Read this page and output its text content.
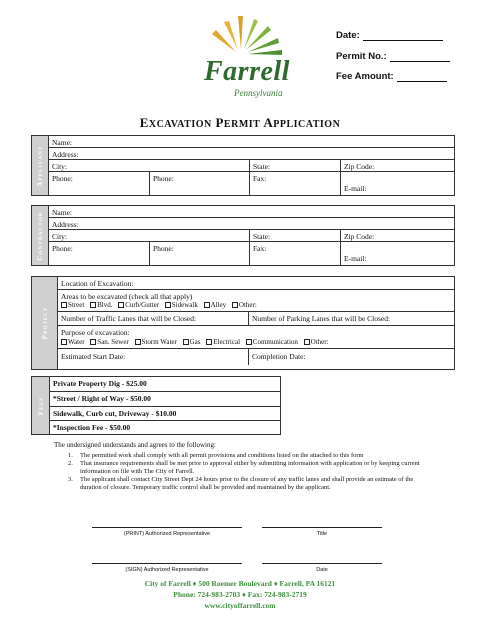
Farrell
Pennsylvania
Date:
Permit No.:
Fee Amount:
EXCAVATION PERMIT APPLICATION
Applicant
Name:
Address:
City:	State:	Zip Code:
Phone:	Phone:	Fax:
E-mail:
Contractor Name:
Address:
City:	State:	Zip Code:
Phone:	Phone:	Fax:
E-mail:
Project
Location of Excavation:
Areas to be excavated (check all that apply)
Street Blvd. Curb/Gutter Sidewalk Alley Other:
Number of Traffic Lanes that will be Closed:	Number of Parking Lanes that will be Closed:
Purpose of excavation:
Water San. Sewer Storm Water Gas Electrical Communication Other:
Estimated Start Date:	Completion Date:
Fees
Private Property Dig - $25.00
*Street / Right of Way - $50.00
Sidewalk, Curb cut, Driveway - $10.00
*Inspection Fee - $50.00
The undersigned understands and agrees to the following:
1. The permitted work shall comply with all permit provisions and conditions listed on the attached to this form
2. That insurance requirements shall be met prior to approval either by submitting information with application or by keeping current information on file with The City of Farrell.
3. The applicant shall contact City Street Dept 24 hours prior to the closure of any traffic lanes and shall provide an estimate of the duration of closure. Temporary traffic control shall be provided and maintained by the applicant.
(PRINT) Authorized Representative	Title
(SIGN) Authorized Representative	Date
City of Farrell ♦ 500 Roemer Boulevard ♦ Farrell, PA 16121
Phone: 724-983-2703 ♦ Fax: 724-983-2719
www.cityoffarrell.com
